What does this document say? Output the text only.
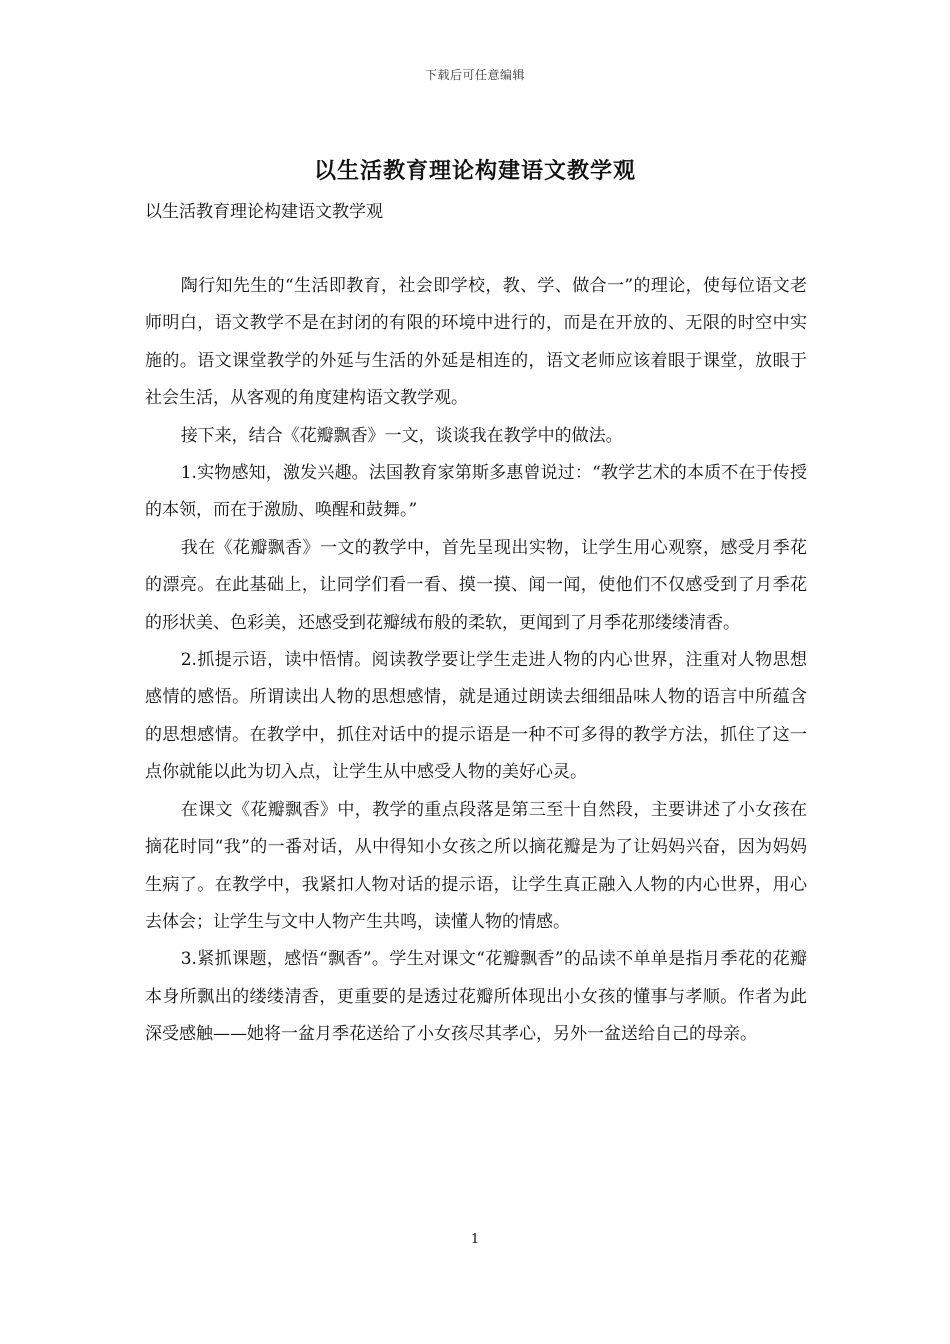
下载后可任意编辑
以生活教育理论构建语文教学观
以生活教育理论构建语文教学观

陶行知先生的“生活即教育，社会即学校，教、学、做合一”的理论，使每位语文老师明白，语文教学不是在封闭的有限的环境中进行的，而是在开放的、无限的时空中实施的。语文课堂教学的外延与生活的外延是相连的，语文老师应该着眼于课堂，放眼于社会生活，从客观的角度建构语文教学观。

接下来，结合《花瓣飘香》一文，谈谈我在教学中的做法。

1.实物感知，激发兴趣。法国教育家第斯多惠曾说过：“教学艺术的本质不在于传授的本领，而在于激励、唤醒和鼓舞。”

我在《花瓣飘香》一文的教学中，首先呈现出实物，让学生用心观察，感受月季花的漂亮。在此基础上，让同学们看一看、摸一摸、闻一闻，使他们不仅感受到了月季花的形状美、色彩美，还感受到花瓣绒布般的柔软，更闻到了月季花那缕缕清香。

2.抓提示语，读中悟情。阅读教学要让学生走进人物的内心世界，注重对人物思想感情的感悟。所谓读出人物的思想感情，就是通过朗读去细细品味人物的语言中所蕴含的思想感情。在教学中，抓住对话中的提示语是一种不可多得的教学方法，抓住了这一点你就能以此为切入点，让学生从中感受人物的美好心灵。

在课文《花瓣飘香》中，教学的重点段落是第三至十自然段，主要讲述了小女孩在摘花时同“我”的一番对话，从中得知小女孩之所以摘花瓣是为了让妈妈兴奋，因为妈妈生病了。在教学中，我紧扣人物对话的提示语，让学生真正融入人物的内心世界，用心去体会；让学生与文中人物产生共鸣，读懂人物的情感。

3.紧抓课题，感悟“飘香”。学生对课文“花瓣飘香”的品读不单单是指月季花的花瓣本身所飘出的缕缕清香，更重要的是透过花瓣所体现出小女孩的懂事与孝顺。作者为此深受感触——她将一盆月季花送给了小女孩尽其孝心，另外一盆送给自己的母亲。

1
